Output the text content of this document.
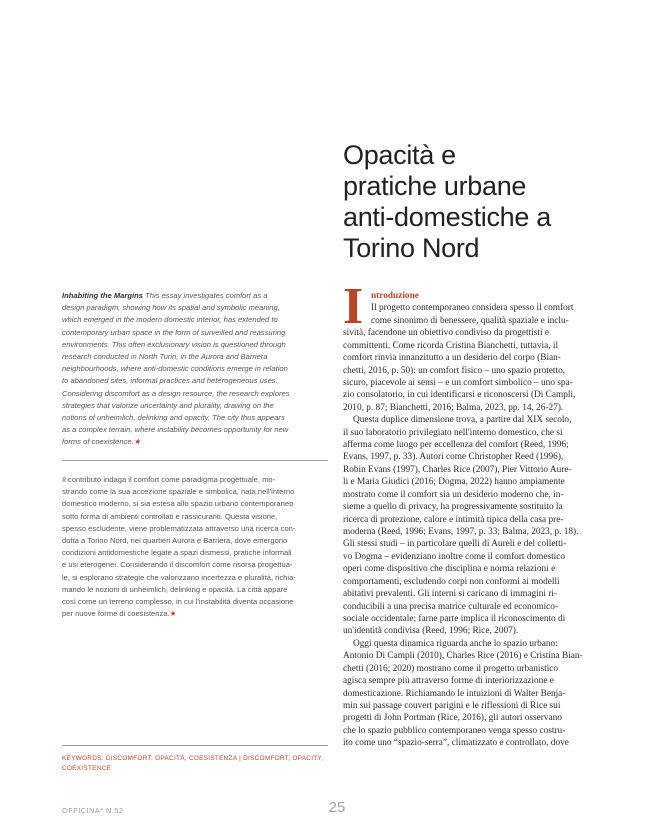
Opacità e
pratiche urbane
anti-domestiche a
Torino Nord
Inhabiting the Margins This essay investigates comfort as a
design paradigm, showing how its spatial and symbolic meaning,
which emerged in the modern domestic interior, has extended to
contemporary urban space in the form of surveilled and reassuring
environments. This often exclusionary vision is questioned through
research conducted in North Turin, in the Aurora and Barriera
neighbourhoods, where anti-domestic conditions emerge in relation
to abandoned sites, informal practices and heterogeneous uses.
Considering discomfort as a design resource, the research explores
strategies that valorize uncertainty and plurality, drawing on the
notions of unheimlich, delinking and opacity. The city thus appears
as a complex terrain, where instability becomes opportunity for new
forms of coexistence.★
Il contributo indaga il comfort come paradigma progettuale, mo-
strando come la sua accezione spaziale e simbolica, nata nell'interno
domestico moderno, si sia estesa allo spazio urbano contemporaneo
sotto forma di ambienti controllati e rassicuranti. Questa visione,
spesso escludente, viene problematizzata attraverso una ricerca con-
dotta a Torino Nord, nei quartieri Aurora e Barriera, dove emergono
condizioni antidomestiche legate a spazi dismessi, pratiche informali
e usi eterogenei. Considerando il discomfort come risorsa progettua-
le, si esplorano strategie che valorizzano incertezza e pluralità, richia-
mando le nozioni di unheimlich, delinking e opacità. La città appare
così come un terreno complesso, in cui l'instabilità diventa occasione
per nuove forme di coesistenza.★
KEYWORDS: DISCOMFORT, OPACITÀ, COESISTENZA | DISCOMFORT, OPACITY,
COEXISTENCE
I ntroduzione
Il progetto contemporaneo considera spesso il comfort
come sinonimo di benessere, qualità spaziale e inclu-
sività, facendone un obiettivo condiviso da progettisti e
committenti. Come ricorda Cristina Bianchetti, tuttavia, il
comfort rinvia innanzitutto a un desiderio del corpo (Bian-
chetti, 2016, p. 50): un comfort fisico – uno spazio protetto,
sicuro, piacevole ai sensi – e un comfort simbolico – uno spa-
zio consolatorio, in cui identificarsi e riconoscersi (Di Campli,
2010, p. 87; Bianchetti, 2016; Balma, 2023, pp. 14, 26-27).
Questa duplice dimensione trova, a partire dal XIX secolo,
il suo laboratorio privilegiato nell'interno domestico, che si
afferma come luogo per eccellenza del comfort (Reed, 1996;
Evans, 1997, p. 33). Autori come Christopher Reed (1996),
Robin Evans (1997), Charles Rice (2007), Pier Vittorio Aure-
li e Maria Giudici (2016; Dogma, 2022) hanno ampiamente
mostrato come il comfort sia un desiderio moderno che, in-
sieme a quello di privacy, ha progressivamente sostituito la
ricerca di protezione, calore e intimità tipica della casa pre-
moderna (Reed, 1996; Evans, 1997, p. 33; Balma, 2023, p. 18).
Gli stessi studi – in particolare quelli di Aureli e del colletti-
vo Dogma – evidenziano inoltre come il comfort domestico
operi come dispositivo che disciplina e norma relazioni e
comportamenti, escludendo corpi non conformi ai modelli
abitativi prevalenti. Gli interni si caricano di immagini ri-
conducibili a una precisa matrice culturale ed economico-
sociale occidentale; farne parte implica il riconoscimento di
un'identità condivisa (Reed, 1996; Rice, 2007).
Oggi questa dinamica riguarda anche lo spazio urbano:
Antonio Di Campli (2010), Charles Rice (2016) e Cristina Bian-
chetti (2016; 2020) mostrano come il progetto urbanistico
agisca sempre più attraverso forme di interiorizzazione e
domesticazione. Richiamando le intuizioni di Walter Benja-
min sui passage couvert parigini e le riflessioni di Rice sui
progetti di John Portman (Rice, 2016), gli autori osservano
che lo spazio pubblico contemporaneo venga spesso costru-
ito come uno “spazio-serra”, climatizzato e controllato, dove
OFFICINA* N.52	25
